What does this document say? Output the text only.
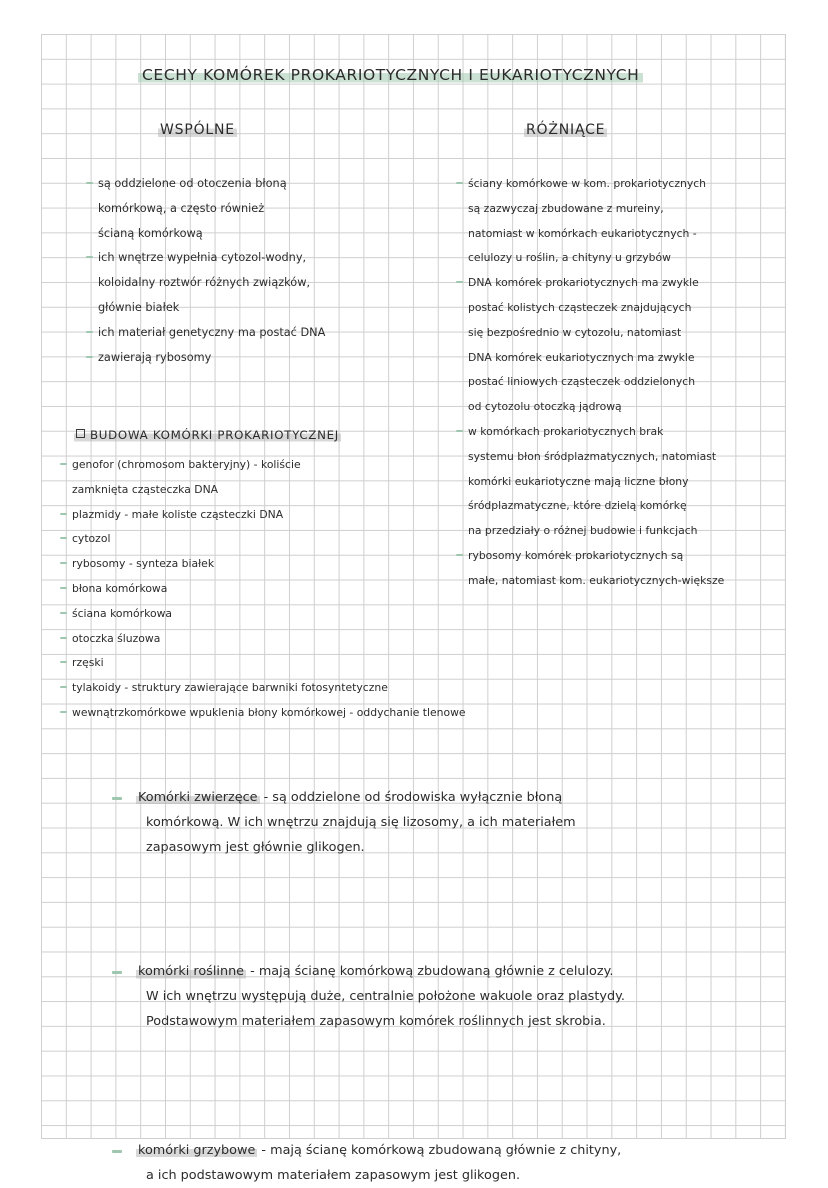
CECHY KOMÓREK PROKARIOTYCZNYCH I EUKARIOTYCZNYCH
WSPÓLNE	RÓŻNIĄCE
są oddzielone od otoczenia błoną
komórkową, a często również
ścianą komórkową
ich wnętrze wypełnia cytozol-wodny,
koloidalny roztwór różnych związków,
głównie białek
ich materiał genetyczny ma postać DNA
zawierają rybosomy
ściany komórkowe w kom. prokariotycznych
są zazwyczaj zbudowane z mureiny,
natomiast w komórkach eukariotycznych -
celulozy u roślin, a chityny u grzybów
DNA komórek prokariotycznych ma zwykle
postać kolistych cząsteczek znajdujących
się bezpośrednio w cytozolu, natomiast
DNA komórek eukariotycznych ma zwykle
postać liniowych cząsteczek oddzielonych
od cytozolu otoczką jądrową
w komórkach prokariotycznych brak
systemu błon śródplazmatycznych, natomiast
komórki eukariotyczne mają liczne błony
śródplazmatyczne, które dzielą komórkę
na przedziały o różnej budowie i funkcjach
rybosomy komórek prokariotycznych są
małe, natomiast kom. eukariotycznych-większe
BUDOWA KOMÓRKI PROKARIOTYCZNEJ
genofor (chromosom bakteryjny) - koliście
zamknięta cząsteczka DNA
plazmidy - małe koliste cząsteczki DNA
cytozol
rybosomy - synteza białek
błona komórkowa
ściana komórkowa
otoczka śluzowa
rzęski
tylakoidy - struktury zawierające barwniki fotosyntetyczne
wewnątrzkomórkowe wpuklenia błony komórkowej - oddychanie tlenowe
Komórki zwierzęce - są oddzielone od środowiska wyłącznie błoną
komórkową. W ich wnętrzu znajdują się lizosomy, a ich materiałem
zapasowym jest głównie glikogen.
komórki roślinne - mają ścianę komórkową zbudowaną głównie z celulozy.
W ich wnętrzu występują duże, centralnie położone wakuole oraz plastydy.
Podstawowym materiałem zapasowym komórek roślinnych jest skrobia.
komórki grzybowe - mają ścianę komórkową zbudowaną głównie z chityny,
a ich podstawowym materiałem zapasowym jest glikogen.
